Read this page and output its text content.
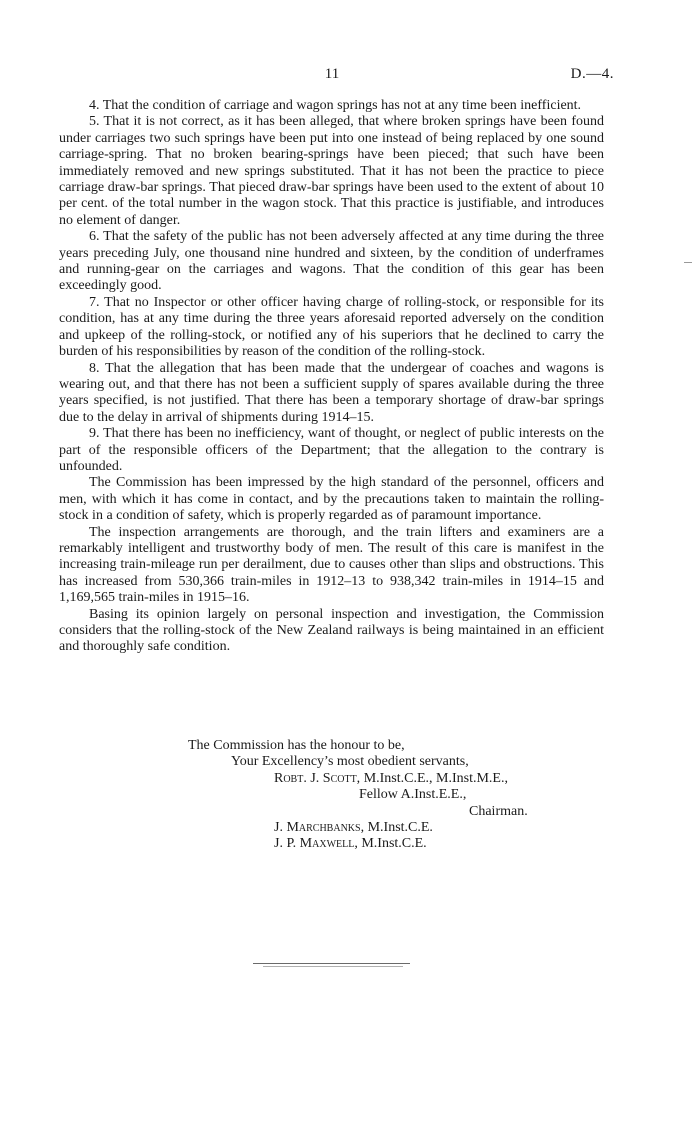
11	D.—4.

4. That the condition of carriage and wagon springs has not at any time been inefficient.

5. That it is not correct, as it has been alleged, that where broken springs have been found under carriages two such springs have been put into one instead of being replaced by one sound carriage-spring. That no broken bearing-springs have been pieced; that such have been immediately removed and new springs substituted. That it has not been the practice to piece carriage draw-bar springs. That pieced draw-bar springs have been used to the extent of about 10 per cent. of the total number in the wagon stock. That this practice is justifiable, and introduces no element of danger.

6. That the safety of the public has not been adversely affected at any time during the three years preceding July, one thousand nine hundred and sixteen, by the condition of underframes and running-gear on the carriages and wagons. That the condition of this gear has been exceedingly good.

7. That no Inspector or other officer having charge of rolling-stock, or responsible for its condition, has at any time during the three years aforesaid reported adversely on the condition and upkeep of the rolling-stock, or notified any of his superiors that he declined to carry the burden of his responsibilities by reason of the condition of the rolling-stock.

8. That the allegation that has been made that the undergear of coaches and wagons is wearing out, and that there has not been a sufficient supply of spares available during the three years specified, is not justified. That there has been a temporary shortage of draw-bar springs due to the delay in arrival of shipments during 1914–15.

9. That there has been no inefficiency, want of thought, or neglect of public interests on the part of the responsible officers of the Department; that the allegation to the contrary is unfounded.

The Commission has been impressed by the high standard of the personnel, officers and men, with which it has come in contact, and by the precautions taken to maintain the rolling-stock in a condition of safety, which is properly regarded as of paramount importance.

The inspection arrangements are thorough, and the train lifters and examiners are a remarkably intelligent and trustworthy body of men. The result of this care is manifest in the increasing train-mileage run per derailment, due to causes other than slips and obstructions. This has increased from 530,366 train-miles in 1912–13 to 938,342 train-miles in 1914–15 and 1,169,565 train-miles in 1915–16.

Basing its opinion largely on personal inspection and investigation, the Commission considers that the rolling-stock of the New Zealand railways is being maintained in an efficient and thoroughly safe condition.

The Commission has the honour to be,
Your Excellency’s most obedient servants,
Robt. J. Scott, M.Inst.C.E., M.Inst.M.E.,
Fellow A.Inst.E.E.,
Chairman.
J. Marchbanks, M.Inst.C.E.
J. P. Maxwell, M.Inst.C.E.
